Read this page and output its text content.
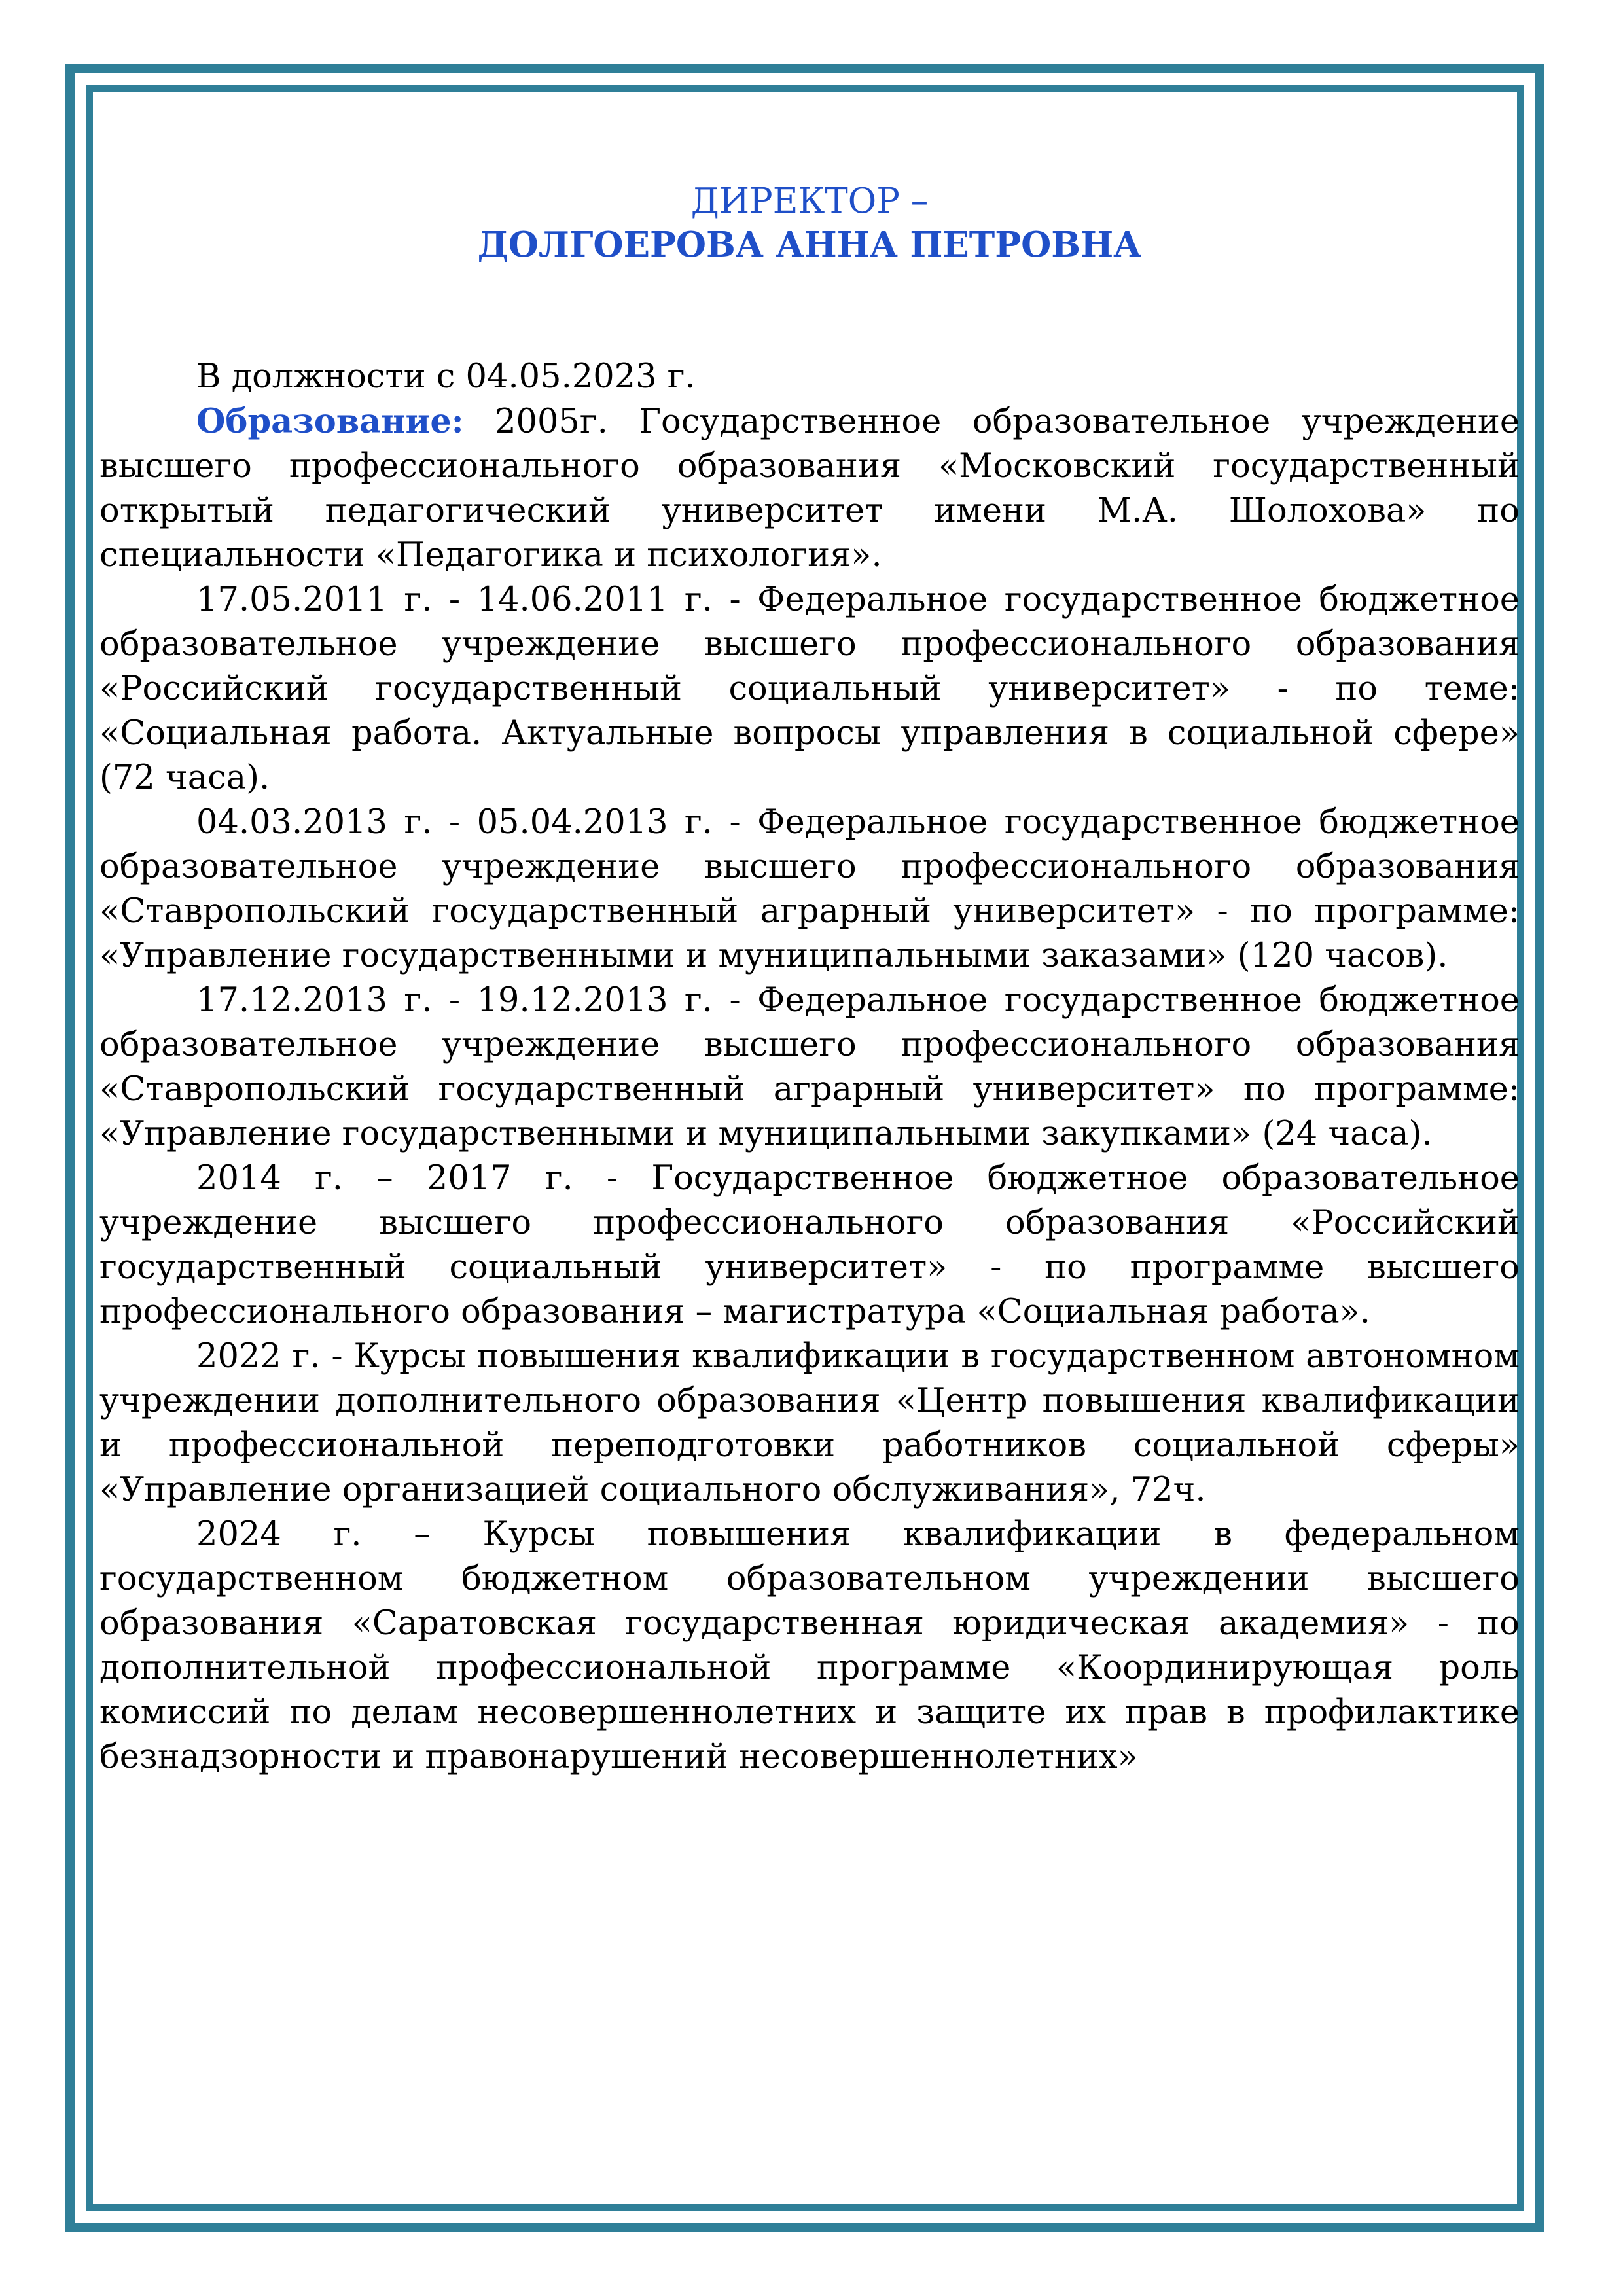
ДИРЕКТОР –
ДОЛГОЕРОВА АННА ПЕТРОВНА

В должности с 04.05.2023 г.

Образование: 2005г. Государственное образовательное учреждение высшего профессионального образования «Московский государственный открытый педагогический университет имени М.А. Шолохова» по специальности «Педагогика и психология».

17.05.2011 г. - 14.06.2011 г. - Федеральное государственное бюджетное образовательное учреждение высшего профессионального образования «Российский государственный социальный университет» - по теме: «Социальная работа. Актуальные вопросы управления в социальной сфере» (72 часа).

04.03.2013 г. - 05.04.2013 г. - Федеральное государственное бюджетное образовательное учреждение высшего профессионального образования «Ставропольский государственный аграрный университет» - по программе: «Управление государственными и муниципальными заказами» (120 часов).

17.12.2013 г. - 19.12.2013 г. - Федеральное государственное бюджетное образовательное учреждение высшего профессионального образования «Ставропольский государственный аграрный университет» по программе: «Управление государственными и муниципальными закупками» (24 часа).

2014 г. – 2017 г. - Государственное бюджетное образовательное учреждение высшего профессионального образования «Российский государственный социальный университет» - по программе высшего профессионального образования – магистратура «Социальная работа».

2022 г. - Курсы повышения квалификации в государственном автономном учреждении дополнительного образования «Центр повышения квалификации и профессиональной переподготовки работников социальной сферы» «Управление организацией социального обслуживания», 72ч.

2024 г. – Курсы повышения квалификации в федеральном государственном бюджетном образовательном учреждении высшего образования «Саратовская государственная юридическая академия» - по дополнительной профессиональной программе «Координирующая роль комиссий по делам несовершеннолетних и защите их прав в профилактике безнадзорности и правонарушений несовершеннолетних»
